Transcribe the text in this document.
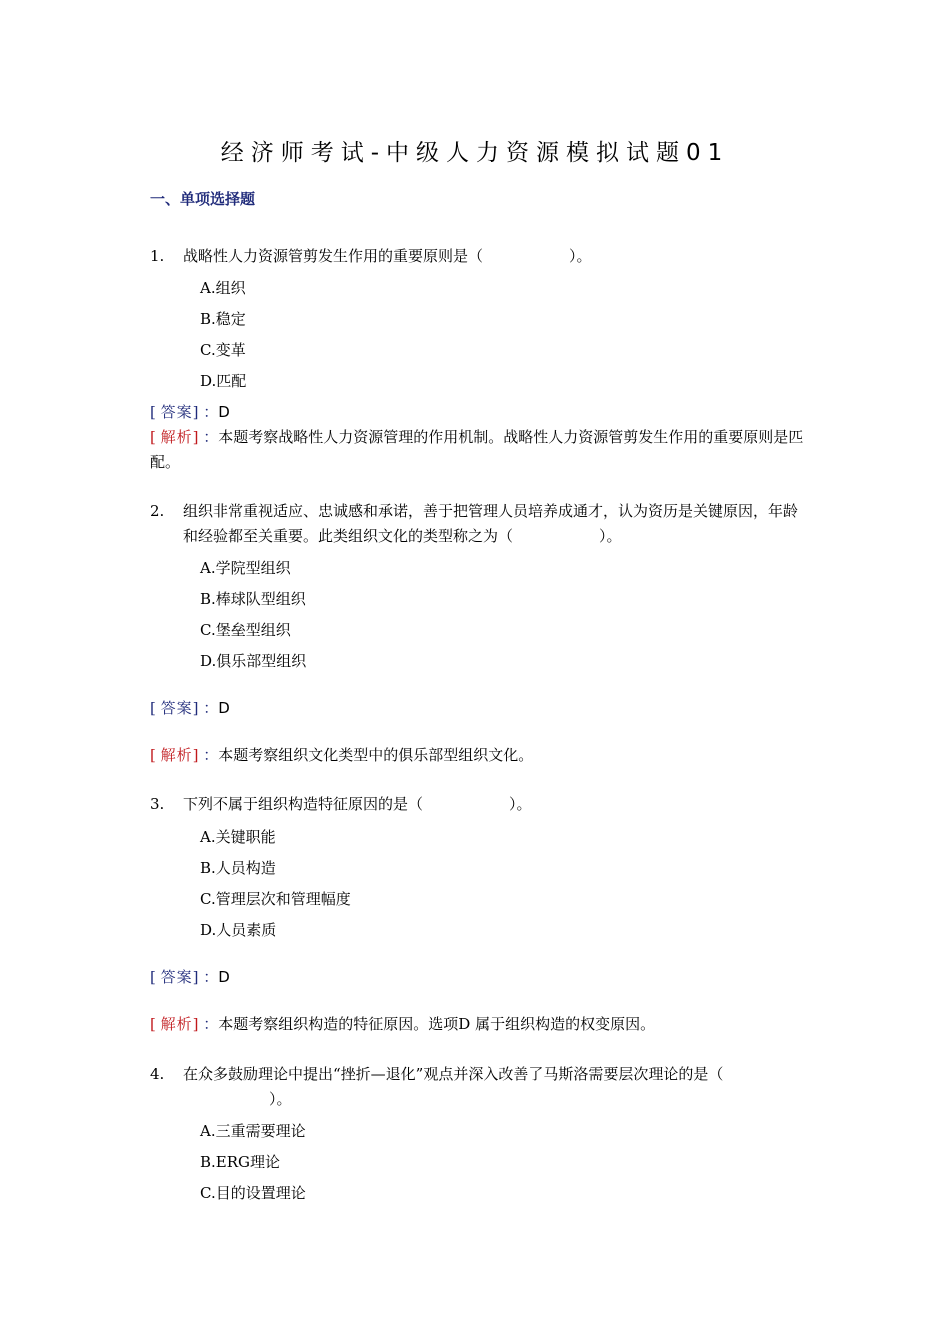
经济师考试-中级人力资源模拟试题01
一、单项选择题
1. 战略性人力资源管剪发生作用的重要原则是（	）。
A.组织
B.稳定
C.变革
D.匹配
[ 答案] ：D
[ 解析] ：本题考察战略性人力资源管理的作用机制。战略性人力资源管剪发生作用的重要原则是匹配。
2. 组织非常重视适应、忠诚感和承诺，善于把管理人员培养成通才，认为资历是关键原因，年龄和经验都至关重要。此类组织文化的类型称之为（	）。
A.学院型组织
B.棒球队型组织
C.堡垒型组织
D.俱乐部型组织
[ 答案] ：D
[ 解析] ：本题考察组织文化类型中的俱乐部型组织文化。
3. 下列不属于组织构造特征原因的是（	）。
A.关键职能
B.人员构造
C.管理层次和管理幅度
D.人员素质
[ 答案] ：D
[ 解析] ：本题考察组织构造的特征原因。选项D 属于组织构造的权变原因。
4. 在众多鼓励理论中提出“挫折—退化”观点并深入改善了马斯洛需要层次理论的是（）。
A.三重需要理论
B.ERG理论
C.目的设置理论
